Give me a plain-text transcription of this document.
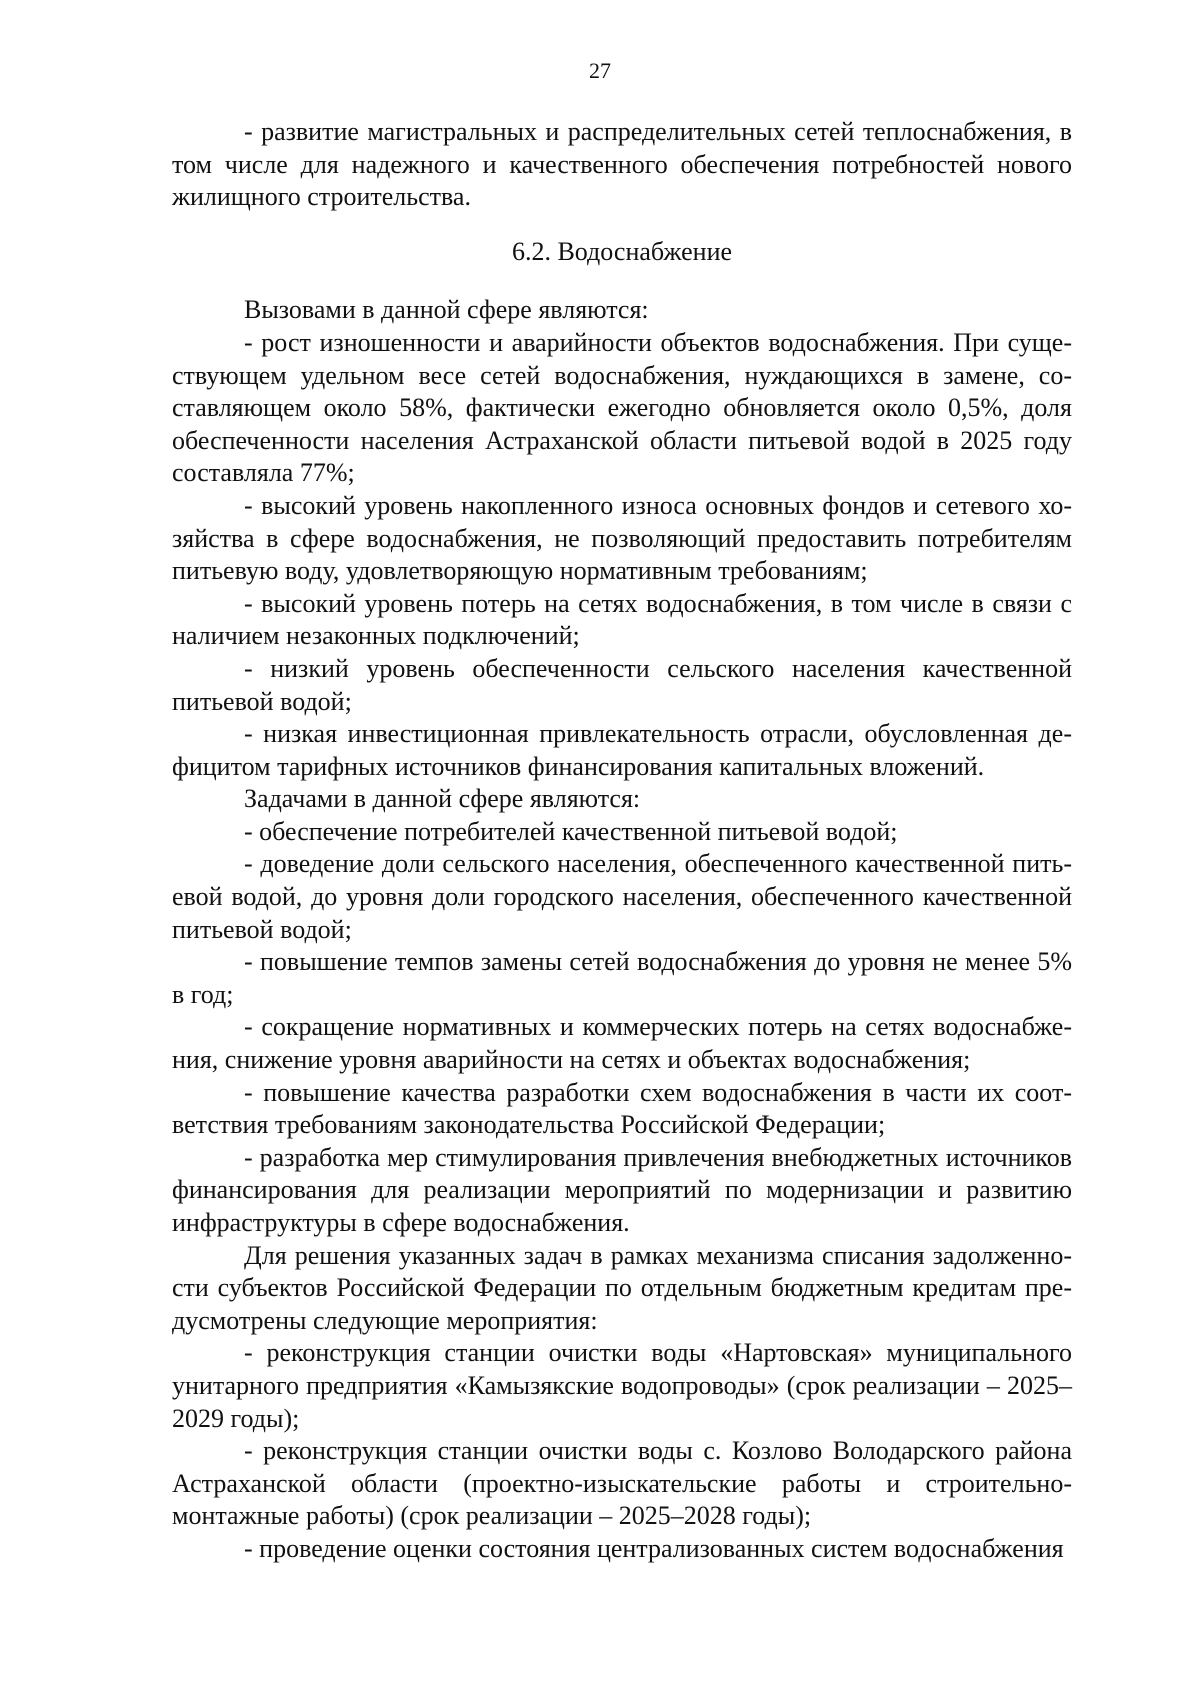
27

- развитие магистральных и распределительных сетей теплоснабжения, в том числе для надежного и качественного обеспечения потребностей нового жилищного строительства.

6.2. Водоснабжение

Вызовами в данной сфере являются:

- рост изношенности и аварийности объектов водоснабжения. При существующем удельном весе сетей водоснабжения, нуждающихся в замене, составляющем около 58%, фактически ежегодно обновляется около 0,5%, доля обеспеченности населения Астраханской области питьевой водой в 2025 году составляла 77%;

- высокий уровень накопленного износа основных фондов и сетевого хозяйства в сфере водоснабжения, не позволяющий предоставить потребителям питьевую воду, удовлетворяющую нормативным требованиям;

- высокий уровень потерь на сетях водоснабжения, в том числе в связи с наличием незаконных подключений;

- низкий уровень обеспеченности сельского населения качественной питьевой водой;

- низкая инвестиционная привлекательность отрасли, обусловленная дефицитом тарифных источников финансирования капитальных вложений.

Задачами в данной сфере являются:

- обеспечение потребителей качественной питьевой водой;

- доведение доли сельского населения, обеспеченного качественной питьевой водой, до уровня доли городского населения, обеспеченного качественной питьевой водой;

- повышение темпов замены сетей водоснабжения до уровня не менее 5% в год;

- сокращение нормативных и коммерческих потерь на сетях водоснабжения, снижение уровня аварийности на сетях и объектах водоснабжения;

- повышение качества разработки схем водоснабжения в части их соответствия требованиям законодательства Российской Федерации;

- разработка мер стимулирования привлечения внебюджетных источников финансирования для реализации мероприятий по модернизации и развитию инфраструктуры в сфере водоснабжения.

Для решения указанных задач в рамках механизма списания задолженности субъектов Российской Федерации по отдельным бюджетным кредитам предусмотрены следующие мероприятия:

- реконструкция станции очистки воды «Нартовская» муниципального унитарного предприятия «Камызякские водопроводы» (срок реализации – 2025–2029 годы);

- реконструкция станции очистки воды с. Козлово Володарского района Астраханской области (проектно-изыскательские работы и строительно-монтажные работы) (срок реализации – 2025–2028 годы);

- проведение оценки состояния централизованных систем водоснабжения
